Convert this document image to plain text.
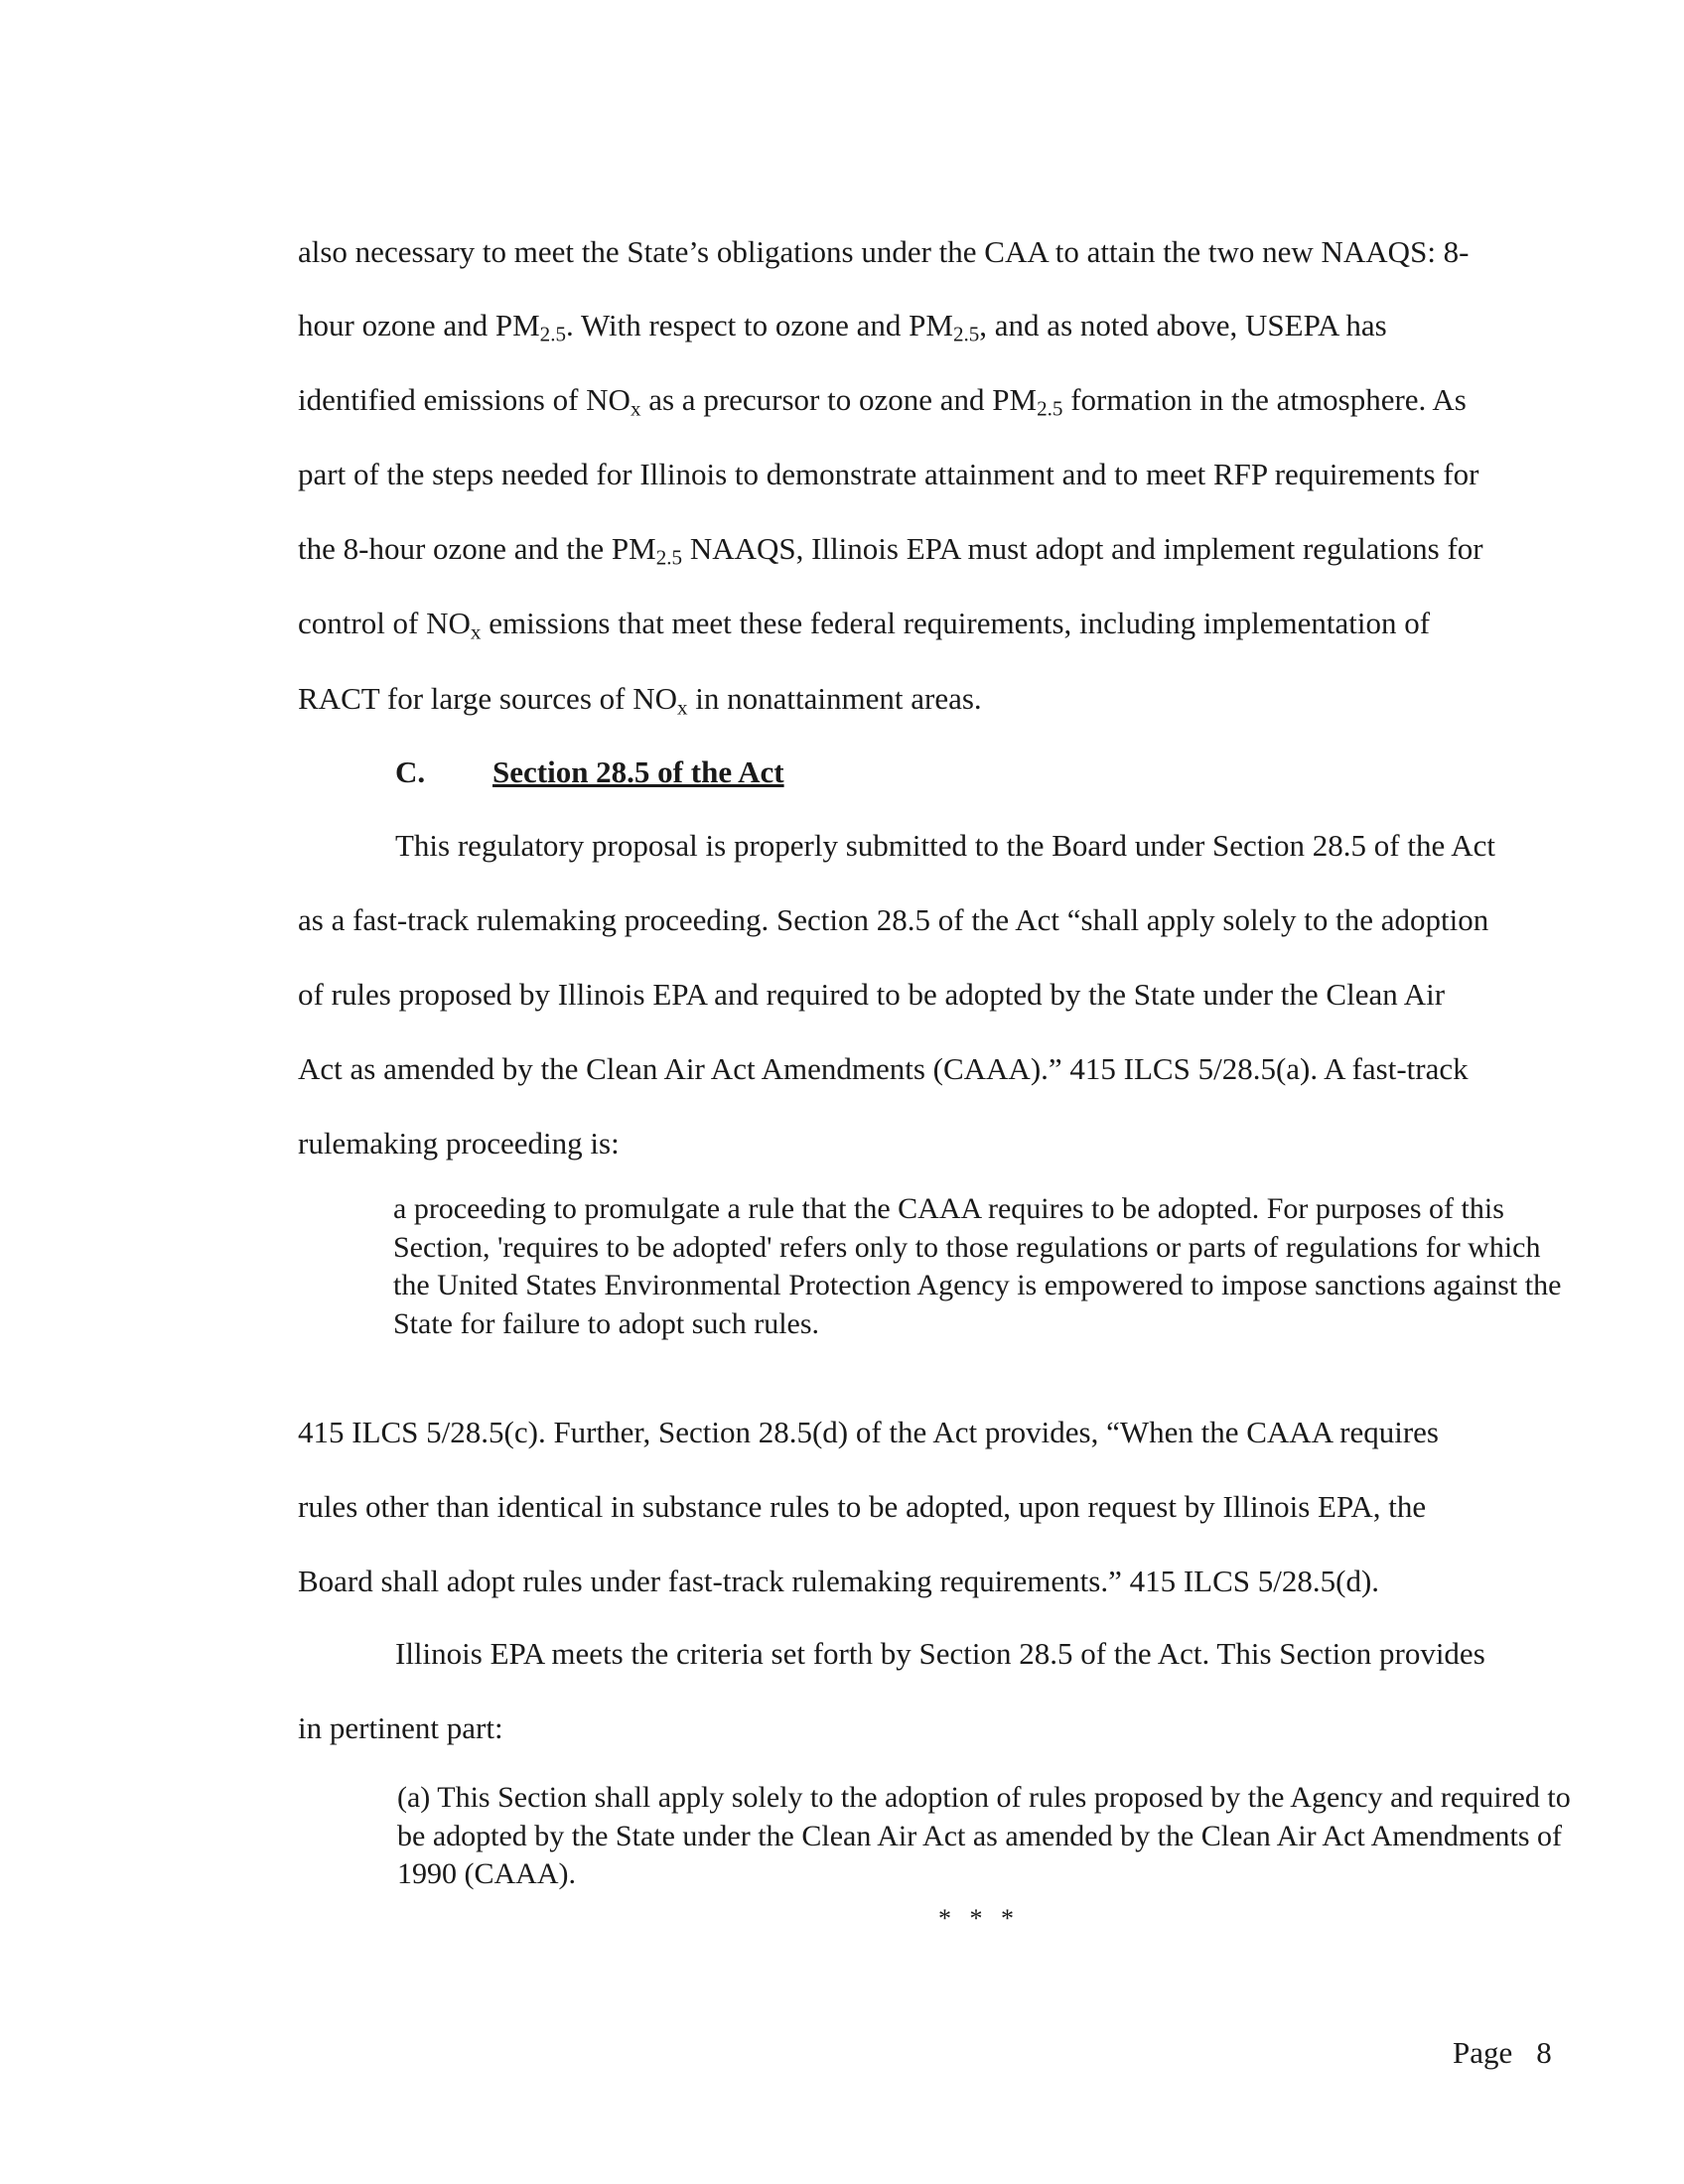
also necessary to meet the State’s obligations under the CAA to attain the two new NAAQS: 8-
hour ozone and $PM_{2.5}$. With respect to ozone and $PM_{2.5}$, and as noted above, USEPA has
identified emissions of $NO_x$ as a precursor to ozone and $PM_{2.5}$ formation in the atmosphere. As
part of the steps needed for Illinois to demonstrate attainment and to meet RFP requirements for
the 8-hour ozone and the $PM_{2.5}$ NAAQS, Illinois EPA must adopt and implement regulations for
control of $NO_x$ emissions that meet these federal requirements, including implementation of
RACT for large sources of $NO_x$ in nonattainment areas.
C. Section 28.5 of the Act
This regulatory proposal is properly submitted to the Board under Section 28.5 of the Act
as a fast-track rulemaking proceeding. Section 28.5 of the Act “shall apply solely to the adoption
of rules proposed by Illinois EPA and required to be adopted by the State under the Clean Air
Act as amended by the Clean Air Act Amendments (CAAA).” 415 ILCS 5/28.5(a). A fast-track
rulemaking proceeding is:

a proceeding to promulgate a rule that the CAAA requires to be adopted. For purposes of this Section, 'requires to be adopted' refers only to those regulations or parts of regulations for which the United States Environmental Protection Agency is empowered to impose sanctions against the State for failure to adopt such rules.

415 ILCS 5/28.5(c). Further, Section 28.5(d) of the Act provides, “When the CAAA requires
rules other than identical in substance rules to be adopted, upon request by Illinois EPA, the
Board shall adopt rules under fast-track rulemaking requirements.” 415 ILCS 5/28.5(d).
Illinois EPA meets the criteria set forth by Section 28.5 of the Act. This Section provides
in pertinent part:

(a) This Section shall apply solely to the adoption of rules proposed by the Agency and required to be adopted by the State under the Clean Air Act as amended by the Clean Air Act Amendments of 1990 (CAAA).

* * *
Page 8
